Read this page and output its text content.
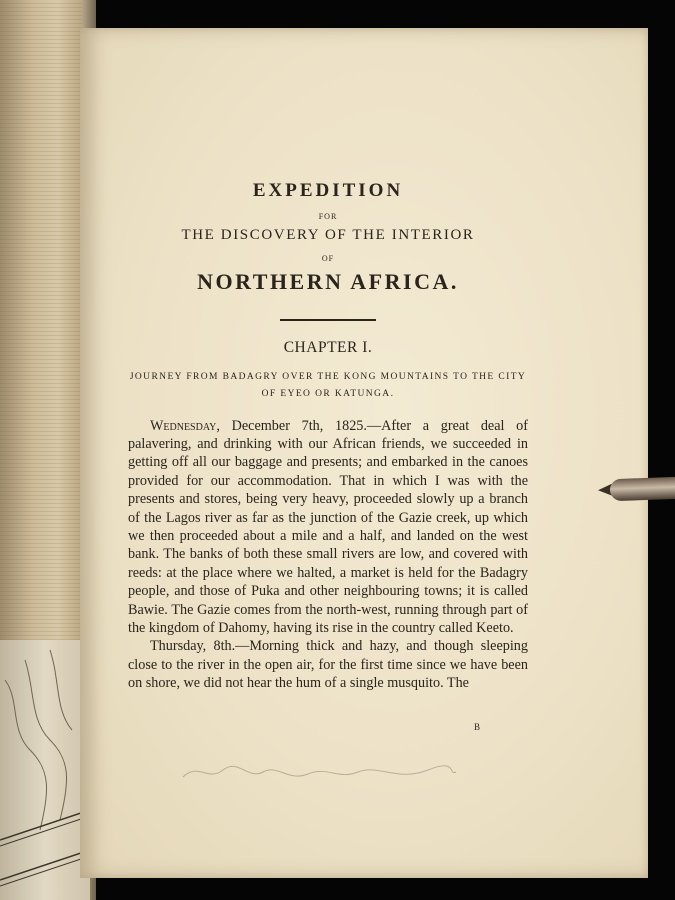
EXPEDITION

FOR

THE DISCOVERY OF THE INTERIOR

OF

NORTHERN AFRICA.

CHAPTER I.

JOURNEY FROM BADAGRY OVER THE KONG MOUNTAINS TO THE CITY OF EYEO OR KATUNGA.

Wednesday, December 7th, 1825.—After a great deal of palavering, and drinking with our African friends, we succeeded in getting off all our baggage and presents; and embarked in the canoes provided for our accommodation. That in which I was with the presents and stores, being very heavy, proceeded slowly up a branch of the Lagos river as far as the junction of the Gazie creek, up which we then proceeded about a mile and a half, and landed on the west bank. The banks of both these small rivers are low, and covered with reeds: at the place where we halted, a market is held for the Badagry people, and those of Puka and other neighbouring towns; it is called Bawie. The Gazie comes from the north-west, running through part of the kingdom of Dahomy, having its rise in the country called Keeto.

Thursday, 8th.—Morning thick and hazy, and though sleeping close to the river in the open air, for the first time since we have been on shore, we did not hear the hum of a single musquito. The

B
